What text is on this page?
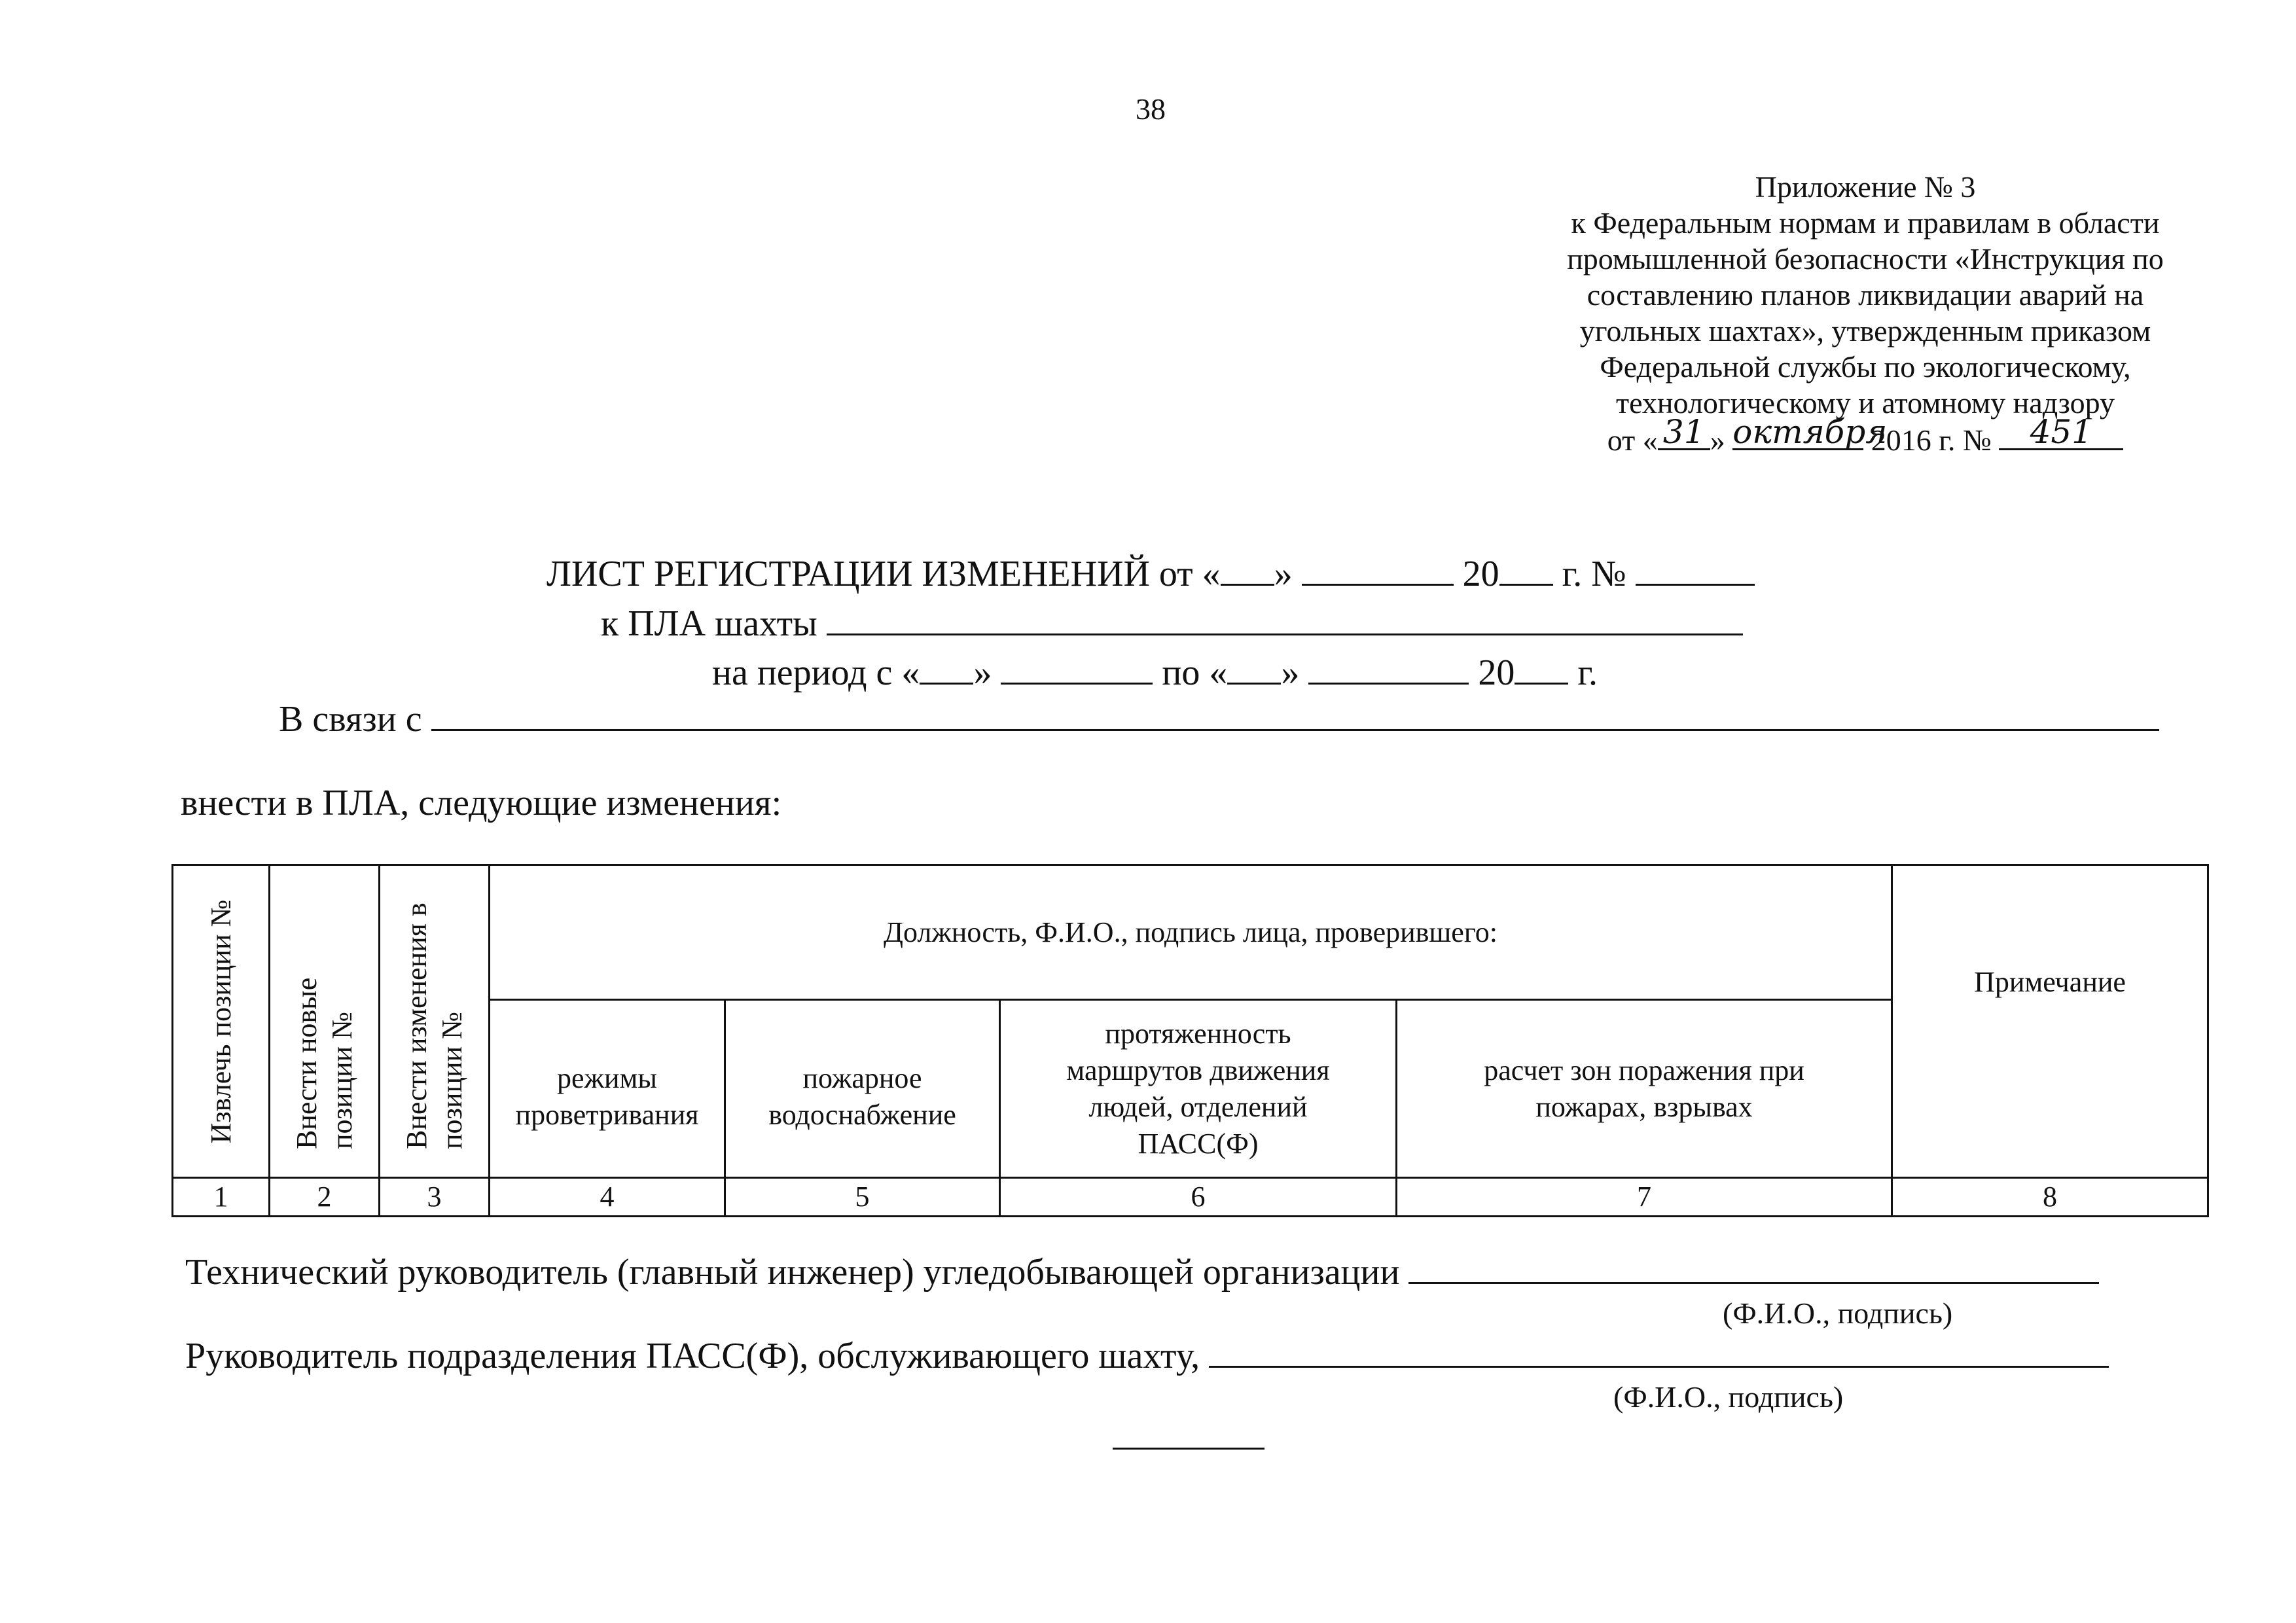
38
Приложение № 3
к Федеральным нормам и правилам в области
промышленной безопасности «Инструкция по
составлению планов ликвидации аварий на
угольных шахтах», утвержденным приказом
Федеральной службы по экологическому,
технологическому и атомному надзору
от « 31 » октября
2016 г. №	451
ЛИСТ РЕГИСТРАЦИИ ИЗМЕНЕНИЙ от « »	20 г. №
к ПЛА шахты
на период с « »	по « »	20 г.
В связи с
внести в ПЛА, следующие изменения:
Извлечь позиции №	Внести новые позиции №	Внести изменения в позиции №	Должность, Ф.И.О., подпись лица, проверившего:				Примечание

			режимы проветривания	пожарное водоснабжение	протяженность маршрутов движения людей, отделений ПАСС(Ф)	расчет зон поражения при пожарах, взрывах	

1	2	3	4	5	6	7	8
Технический руководитель (главный инженер) угледобывающей организации
(Ф.И.О., подпись)
Руководитель подразделения ПАСС(Ф), обслуживающего шахту,
(Ф.И.О., подпись)
